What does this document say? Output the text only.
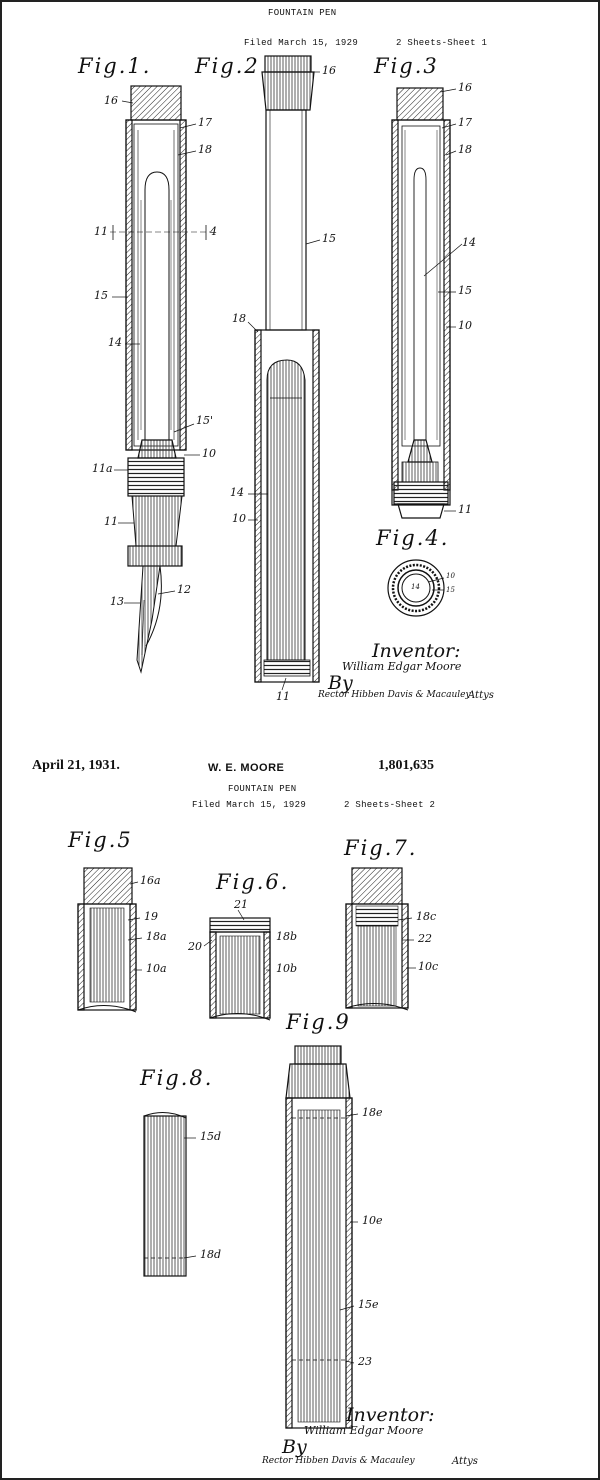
FOUNTAIN PEN
Filed March 15, 1929	2 Sheets-Sheet 1
Fig.1. Fig.2	Fig.3
Fig.4.
16
17
18
11	4
15
14
15'
11a
10
11
13
12
16
15
18
14
10
11
16
17
18
14
15
10
11
14
10
15
Inventor:
William Edgar Moore
By
Rector Hibben Davis & Macauley
Attys
April 21, 1931.	W. E. MOORE	1,801,635
FOUNTAIN PEN
Filed March 15, 1929	2 Sheets-Sheet 2
Fig.5
Fig.6.
Fig.7.
Fig.8.
Fig.9
16a
19
18a
10a
21
20
18b
10b
18c
22
10c
15d
18d
18e
10e
15e
23
Inventor:
William Edgar Moore
By
Rector Hibben Davis & Macauley	Attys
